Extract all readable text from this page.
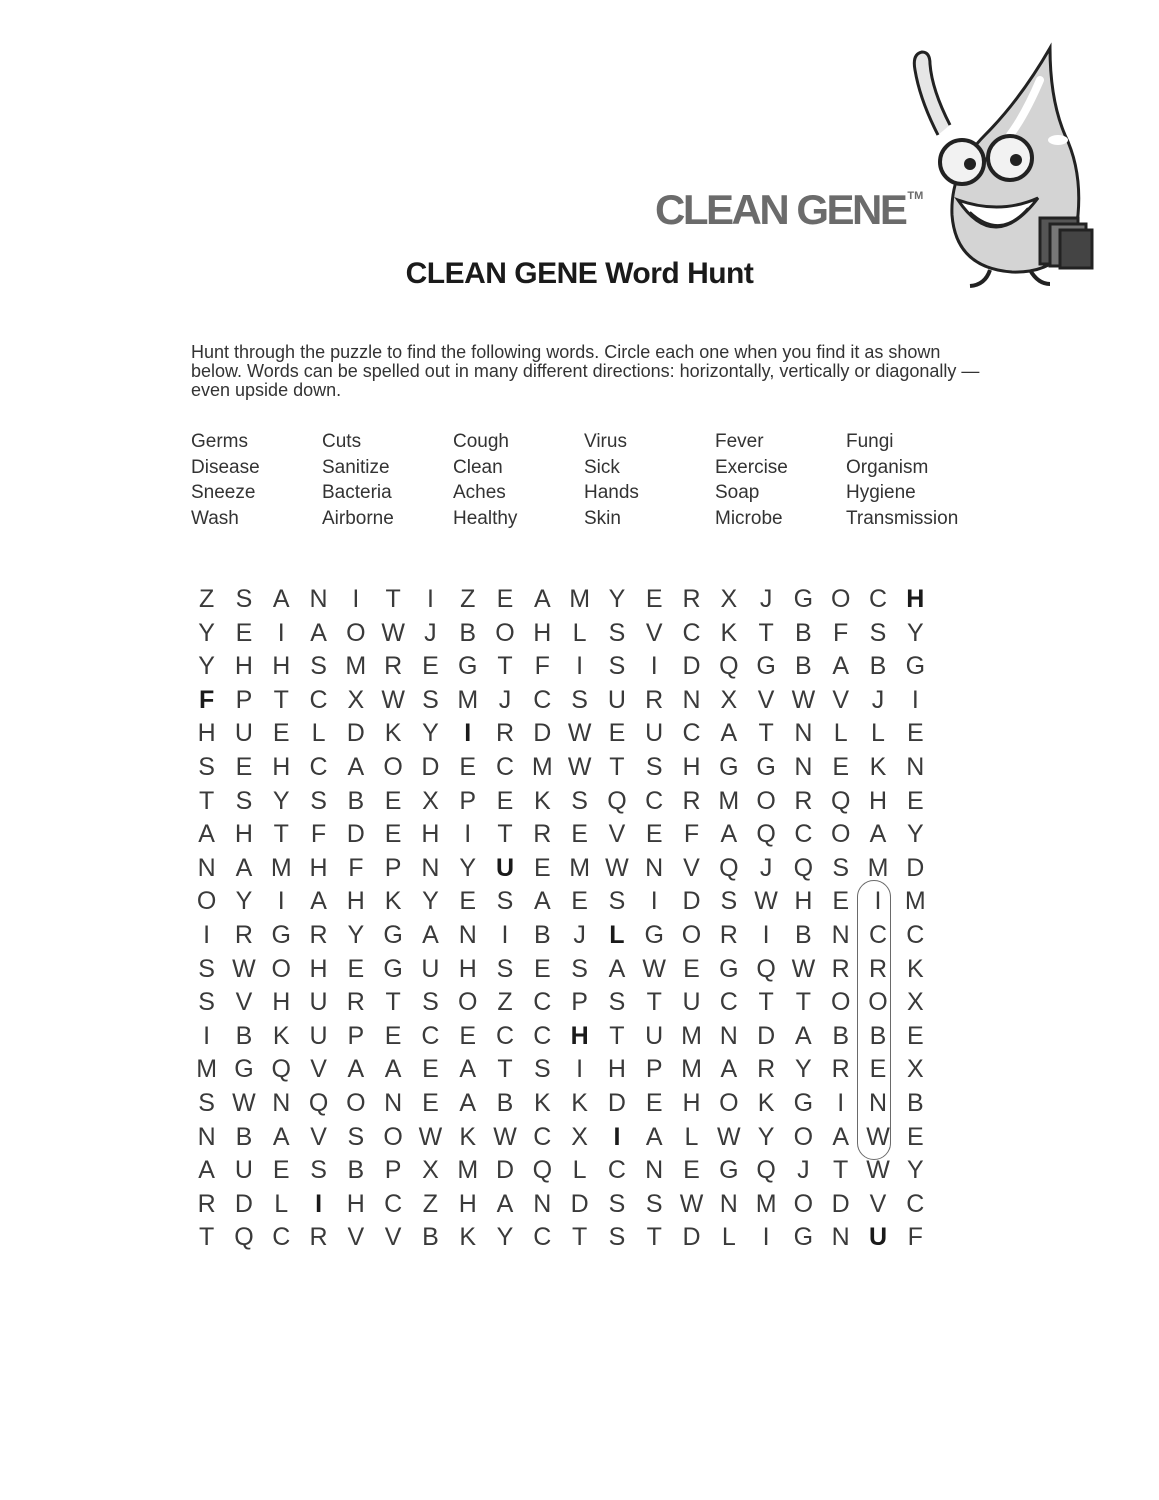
CLEAN GENE ™
CLEAN GENE Word Hunt
Hunt through the puzzle to find the following words. Circle each one when you find it as shown below. Words can be spelled out in many different directions: horizontally, vertically or diagonally — even upside down.
Germs	Cuts	Cough	Virus	Fever	Fungi
Disease	Sanitize	Clean	Sick	Exercise	Organism
Sneeze	Bacteria	Aches	Hands	Soap	Hygiene
Wash	Airborne	Healthy	Skin	Microbe	Transmission
Z S A N I	T	I	Z E A M Y E R X J G O C H
Y E	I	A O W J B O H L S V C K T B F S Y
Y H H S M R E G T F	I	S	I D Q G B A B G
F P T C X W S M J C S U R N X V W V J	I
H U E L D K Y	I R D W E U C A T N L L E
S E H C A O D E C M W T S H G G N E K N
T S Y S B E X P E K S Q C R M O R Q H E
A H T F D E H I	T R E V E F A Q C O A Y
N A M H F P N Y U E M W N V Q J Q S M D
O Y	I	A H K Y E S A E S	I D S W H E	I M
I R G R Y G A N I	B J L G O R I	B N C C
S W O H E G U H S E S A W E G Q W R R K
S V H U R T S O Z C P S T U C T T O O X
I	B K U P E C E C C H T U M N D A B B E
M G Q V A A E A T S	I H P M A R Y R E X
S W N Q O N E A B K K D E H O K G I N B
N B A V S O W K W C X	I	A L W Y O A W E
A U E S B P X M D Q L C N E G Q J T W Y
R D L	I H C Z H A N D S S W N M O D V C
T Q C R V V B K Y C T S T D L	I G N U F
